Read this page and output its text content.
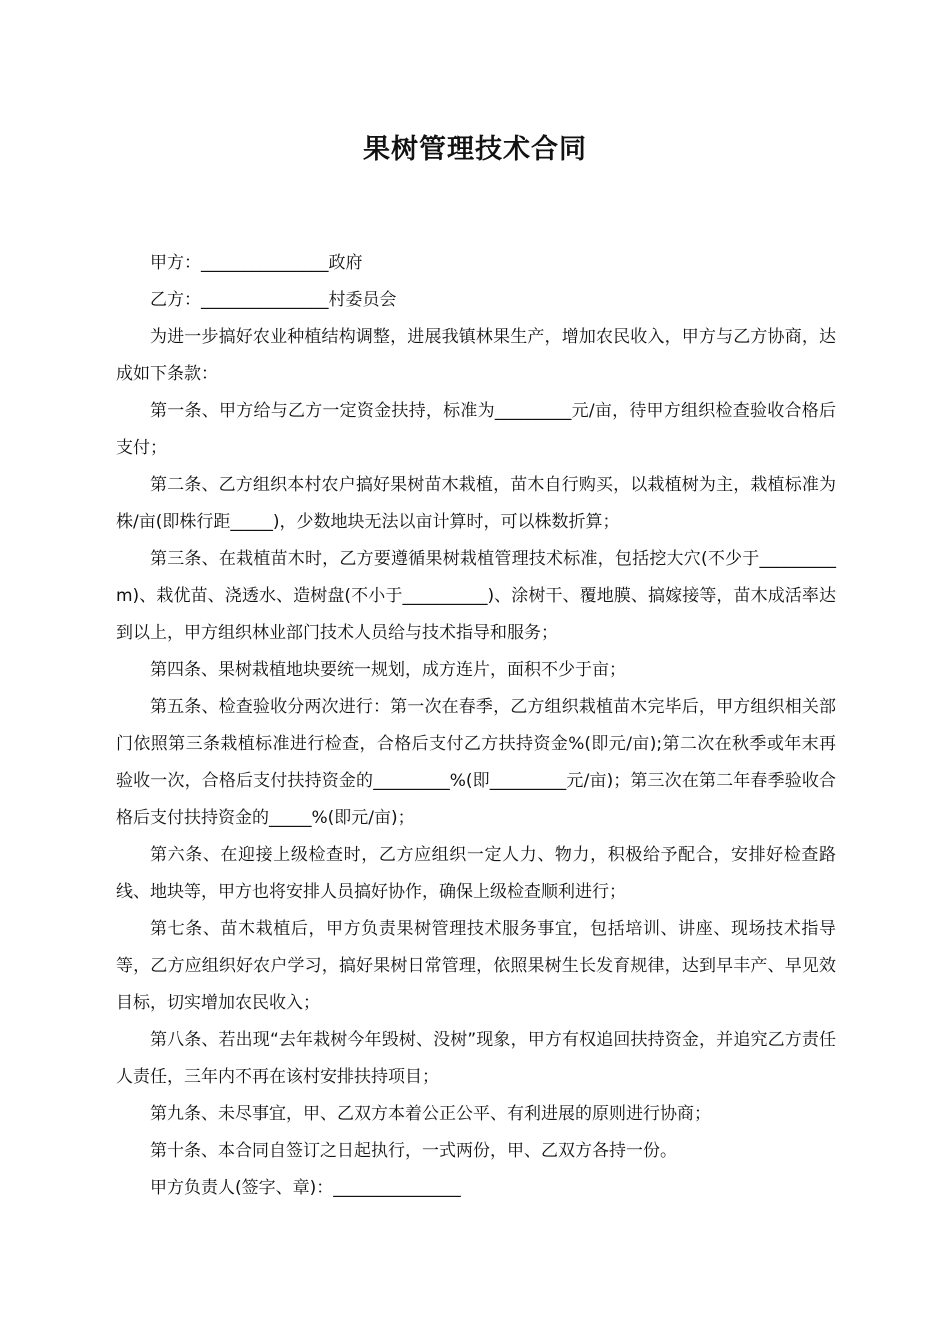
果树管理技术合同

甲方：_______________政府

乙方：_______________村委员会

为进一步搞好农业种植结构调整，进展我镇林果生产，增加农民收入，甲方与乙方协商，达成如下条款：

第一条、甲方给与乙方一定资金扶持，标准为_________元/亩，待甲方组织检查验收合格后支付；

第二条、乙方组织本村农户搞好果树苗木栽植，苗木自行购买，以栽植树为主，栽植标准为株/亩(即株行距_____)，少数地块无法以亩计算时，可以株数折算；

第三条、在栽植苗木时，乙方要遵循果树栽植管理技术标准，包括挖大穴(不少于_________m)、栽优苗、浇透水、造树盘(不小于__________)、涂树干、覆地膜、搞嫁接等，苗木成活率达到以上，甲方组织林业部门技术人员给与技术指导和服务；

第四条、果树栽植地块要统一规划，成方连片，面积不少于亩；

第五条、检查验收分两次进行：第一次在春季，乙方组织栽植苗木完毕后，甲方组织相关部门依照第三条栽植标准进行检查，合格后支付乙方扶持资金%(即元/亩);第二次在秋季或年末再验收一次，合格后支付扶持资金的_________%(即_________元/亩)；第三次在第二年春季验收合格后支付扶持资金的_____%(即元/亩)；

第六条、在迎接上级检查时，乙方应组织一定人力、物力，积极给予配合，安排好检查路线、地块等，甲方也将安排人员搞好协作，确保上级检查顺利进行；

第七条、苗木栽植后，甲方负责果树管理技术服务事宜，包括培训、讲座、现场技术指导等，乙方应组织好农户学习，搞好果树日常管理，依照果树生长发育规律，达到早丰产、早见效目标，切实增加农民收入；

第八条、若出现“去年栽树今年毁树、没树”现象，甲方有权追回扶持资金，并追究乙方责任人责任，三年内不再在该村安排扶持项目；

第九条、未尽事宜，甲、乙双方本着公正公平、有利进展的原则进行协商；

第十条、本合同自签订之日起执行，一式两份，甲、乙双方各持一份。

甲方负责人(签字、章)：_______________
